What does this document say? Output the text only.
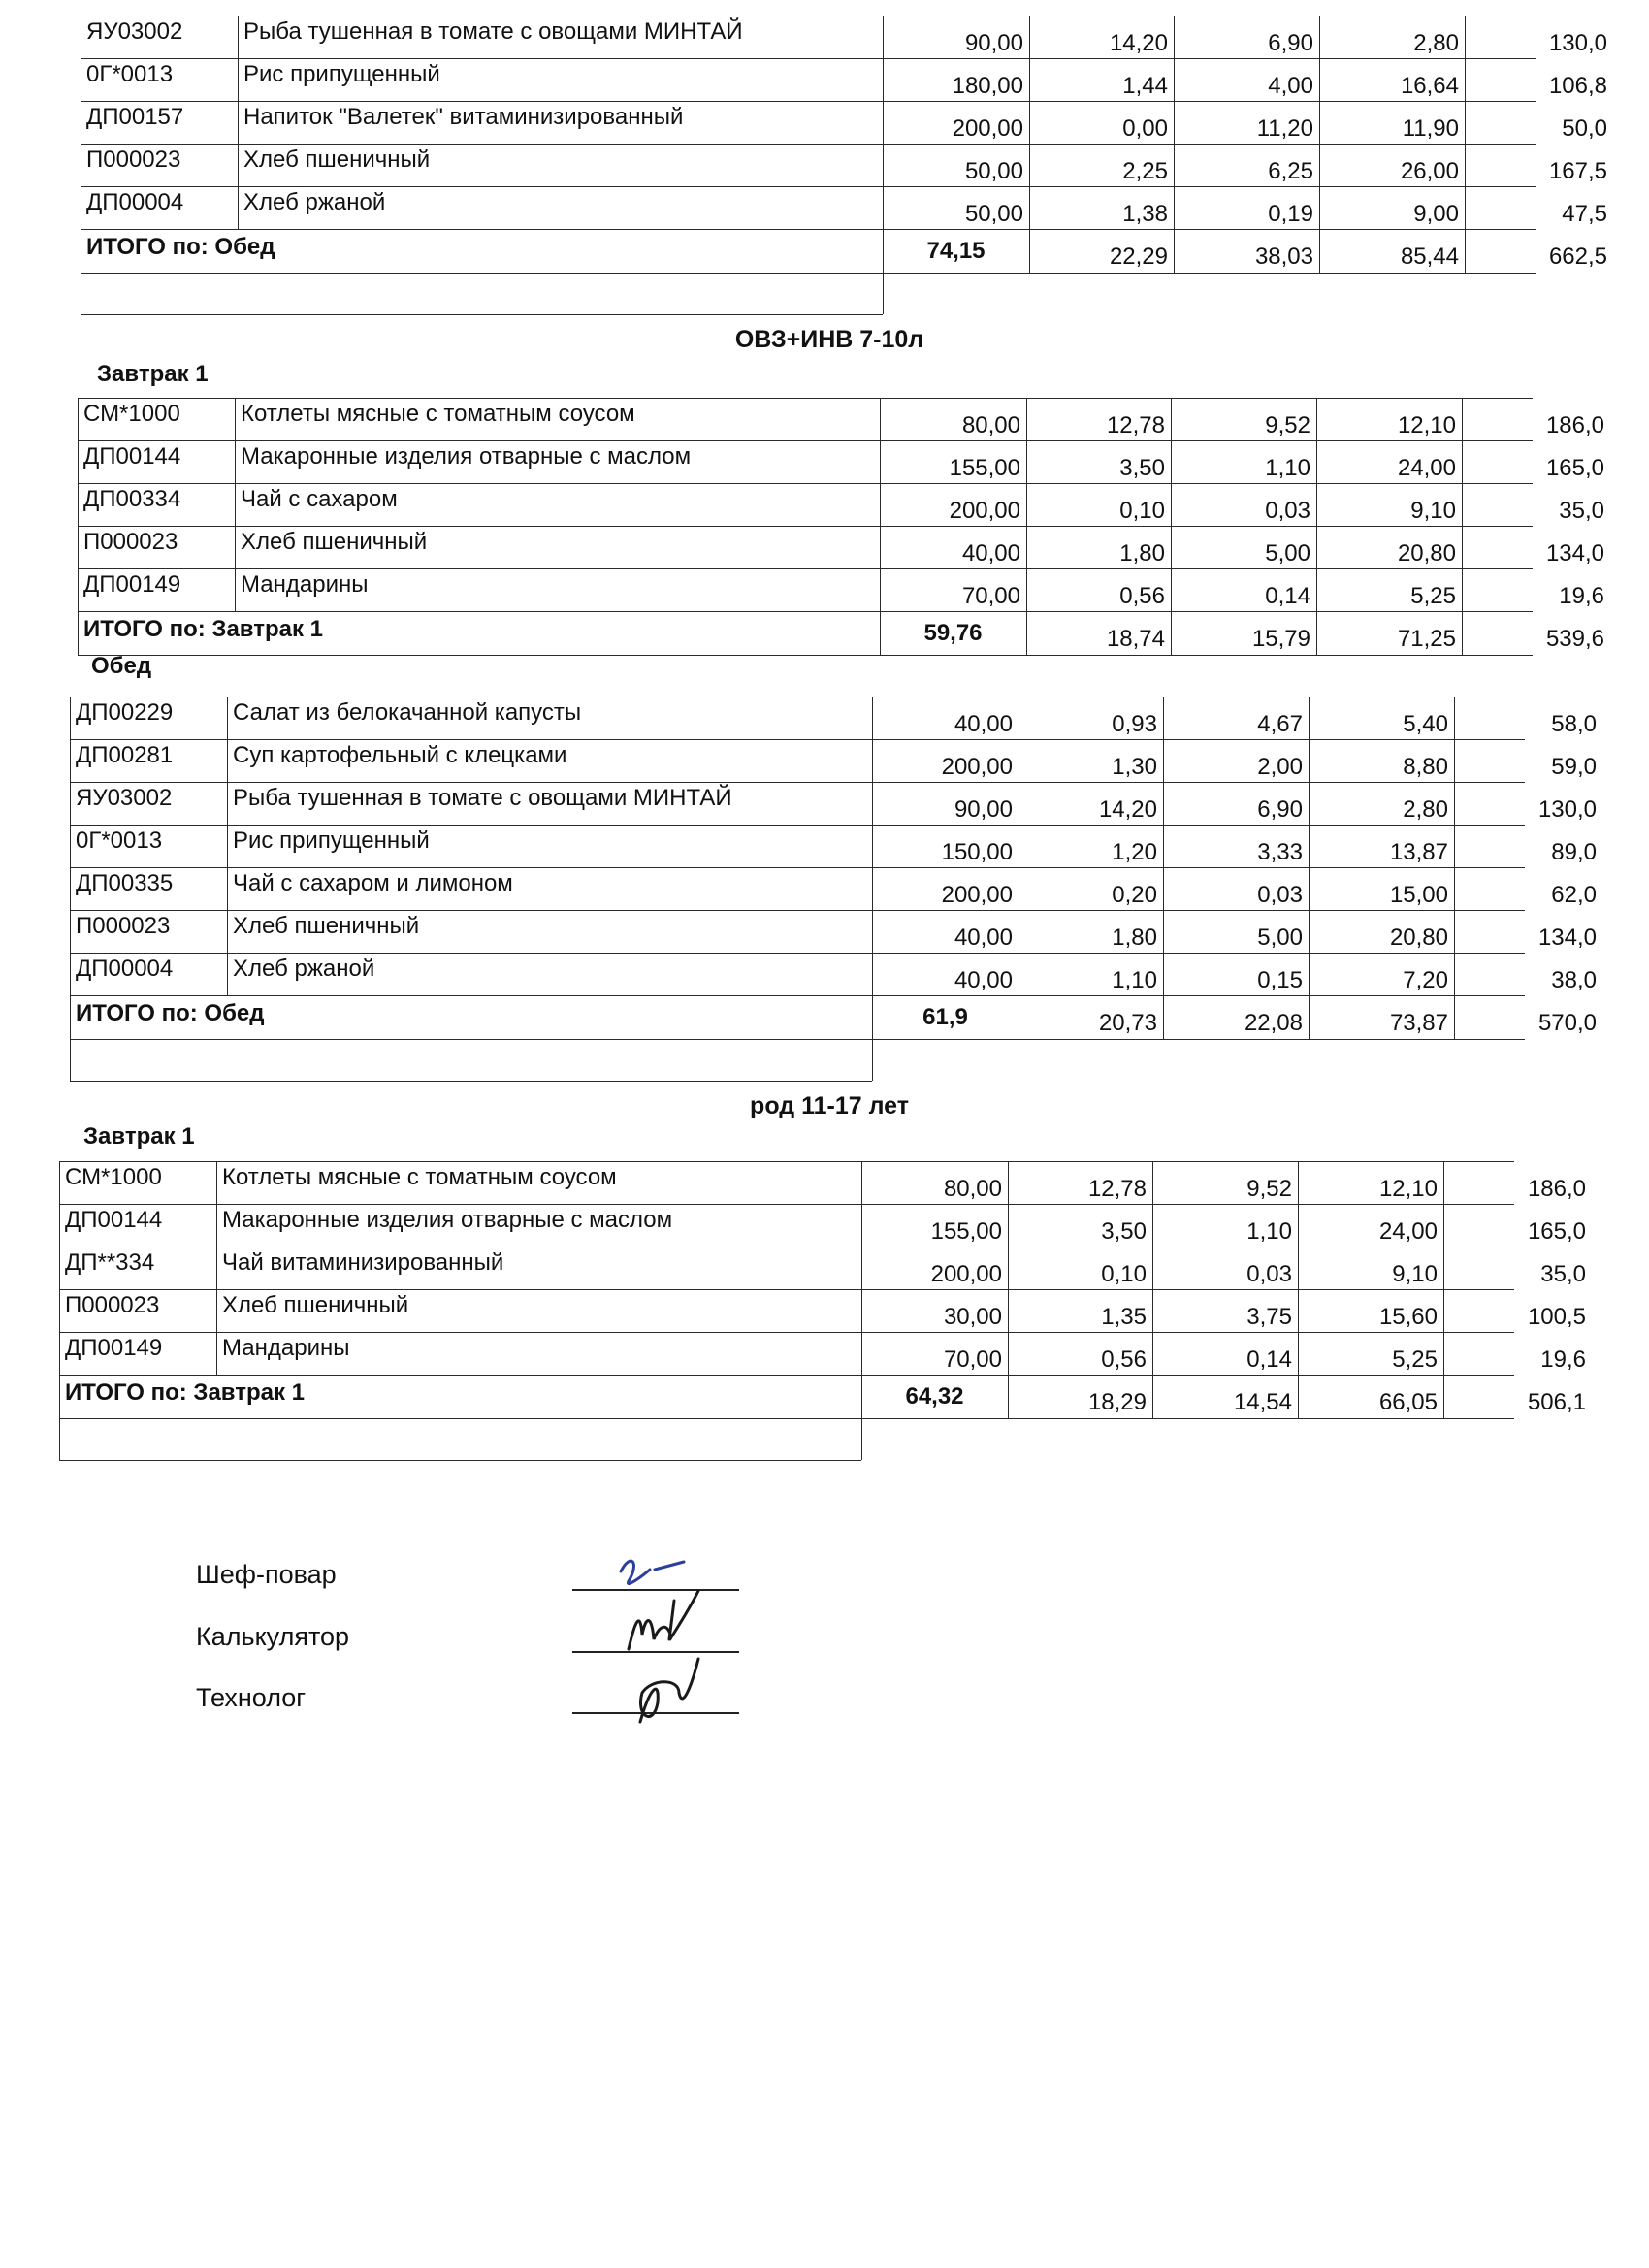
ЯУ03002	Рыба тушенная в томате с овощами МИНТАЙ	90,00	14,20	6,90	2,80	130,0
0Г*0013	Рис припущенный	180,00	1,44	4,00	16,64	106,8
ДП00157	Напиток "Валетек" витаминизированный	200,00	0,00	11,20	11,90	50,0
П000023	Хлеб пшеничный	50,00	2,25	6,25	26,00	167,5
ДП00004	Хлеб ржаной	50,00	1,38	0,19	9,00	47,5
ИТОГО по: Обед	74,15	22,29	38,03	85,44	662,5
ОВЗ+ИНВ 7-10л
Завтрак 1
СМ*1000	Котлеты мясные с томатным соусом	80,00	12,78	9,52	12,10	186,0
ДП00144	Макаронные изделия отварные с маслом	155,00	3,50	1,10	24,00	165,0
ДП00334	Чай с сахаром	200,00	0,10	0,03	9,10	35,0
П000023	Хлеб пшеничный	40,00	1,80	5,00	20,80	134,0
ДП00149	Мандарины	70,00	0,56	0,14	5,25	19,6
ИТОГО по: Завтрак 1	59,76	18,74	15,79	71,25	539,6
Обед
ДП00229	Салат из белокачанной капусты	40,00	0,93	4,67	5,40	58,0
ДП00281	Суп картофельный с клецками	200,00	1,30	2,00	8,80	59,0
ЯУ03002	Рыба тушенная в томате с овощами МИНТАЙ	90,00	14,20	6,90	2,80	130,0
0Г*0013	Рис припущенный	150,00	1,20	3,33	13,87	89,0
ДП00335	Чай с сахаром и лимоном	200,00	0,20	0,03	15,00	62,0
П000023	Хлеб пшеничный	40,00	1,80	5,00	20,80	134,0
ДП00004	Хлеб ржаной	40,00	1,10	0,15	7,20	38,0
ИТОГО по: Обед	61,9	20,73	22,08	73,87	570,0
род 11-17 лет
Завтрак 1
СМ*1000	Котлеты мясные с томатным соусом	80,00	12,78	9,52	12,10	186,0
ДП00144	Макаронные изделия отварные с маслом	155,00	3,50	1,10	24,00	165,0
ДП**334	Чай витаминизированный	200,00	0,10	0,03	9,10	35,0
П000023	Хлеб пшеничный	30,00	1,35	3,75	15,60	100,5
ДП00149	Мандарины	70,00	0,56	0,14	5,25	19,6
ИТОГО по: Завтрак 1	64,32	18,29	14,54	66,05	506,1
Шеф-повар
Калькулятор
Технолог
